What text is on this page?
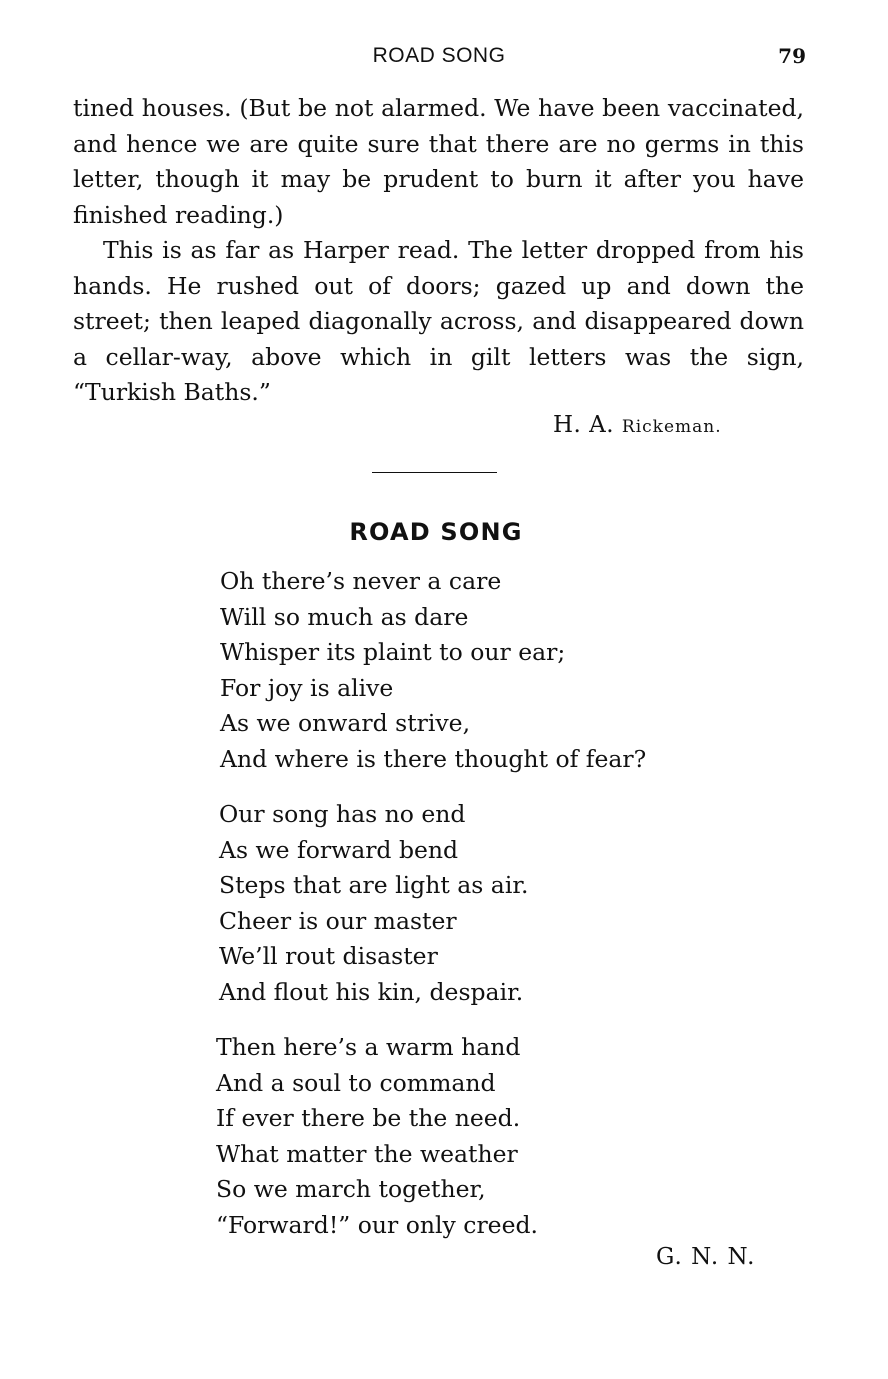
ROAD SONG	79

tined houses. (But be not alarmed. We have been vaccinated, and hence we are quite sure that there are no germs in this letter, though it may be prudent to burn it after you have finished reading.)

This is as far as Harper read. The letter dropped from his hands. He rushed out of doors; gazed up and down the street; then leaped diagonally across, and disappeared down a cellar-way, above which in gilt letters was the sign, “Turkish Baths.”

H. A. Rickeman.
ROAD SONG
Oh there’s never a care
Will so much as dare
Whisper its plaint to our ear;
For joy is alive
As we onward strive,
And where is there thought of fear?
Our song has no end
As we forward bend
Steps that are light as air.
Cheer is our master
We’ll rout disaster
And flout his kin, despair.
Then here’s a warm hand
And a soul to command
If ever there be the need.
What matter the weather
So we march together,
“Forward!” our only creed.
G. N. N.
